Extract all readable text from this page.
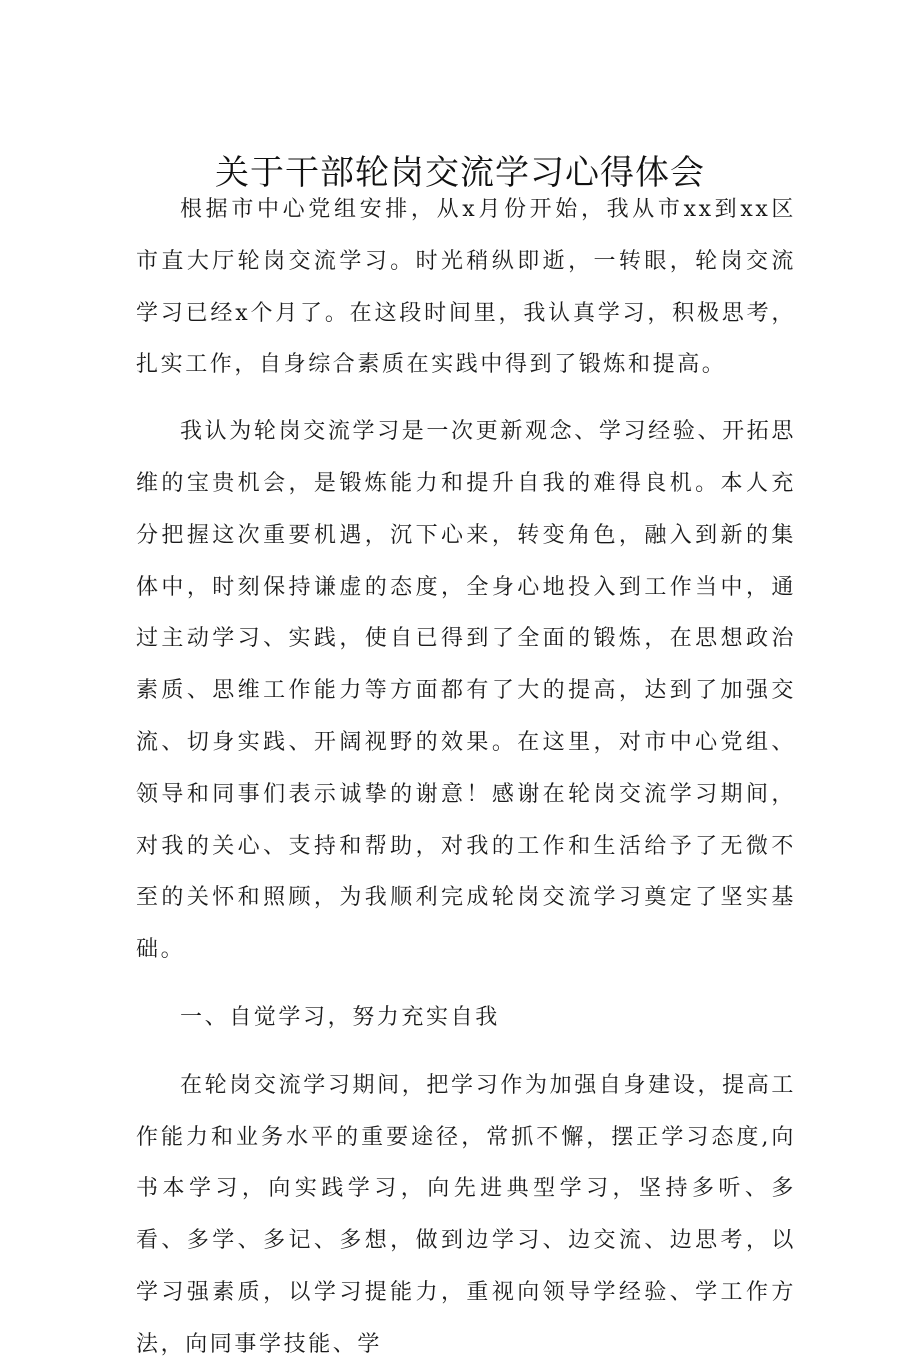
关于干部轮岗交流学习心得体会

根据市中心党组安排，从x月份开始，我从市xx到xx区市直大厅轮岗交流学习。时光稍纵即逝，一转眼，轮岗交流学习已经x个月了。在这段时间里，我认真学习，积极思考，扎实工作，自身综合素质在实践中得到了锻炼和提高。

我认为轮岗交流学习是一次更新观念、学习经验、开拓思维的宝贵机会，是锻炼能力和提升自我的难得良机。本人充分把握这次重要机遇，沉下心来，转变角色，融入到新的集体中，时刻保持谦虚的态度，全身心地投入到工作当中，通过主动学习、实践，使自已得到了全面的锻炼，在思想政治素质、思维工作能力等方面都有了大的提高，达到了加强交流、切身实践、开阔视野的效果。在这里，对市中心党组、领导和同事们表示诚挚的谢意！感谢在轮岗交流学习期间，对我的关心、支持和帮助，对我的工作和生活给予了无微不至的关怀和照顾，为我顺利完成轮岗交流学习奠定了坚实基础。

一、自觉学习，努力充实自我

在轮岗交流学习期间，把学习作为加强自身建设，提高工作能力和业务水平的重要途径，常抓不懈，摆正学习态度,向书本学习，向实践学习，向先进典型学习，坚持多听、多看、多学、多记、多想，做到边学习、边交流、边思考，以学习强素质，以学习提能力，重视向领导学经验、学工作方法，向同事学技能、学
